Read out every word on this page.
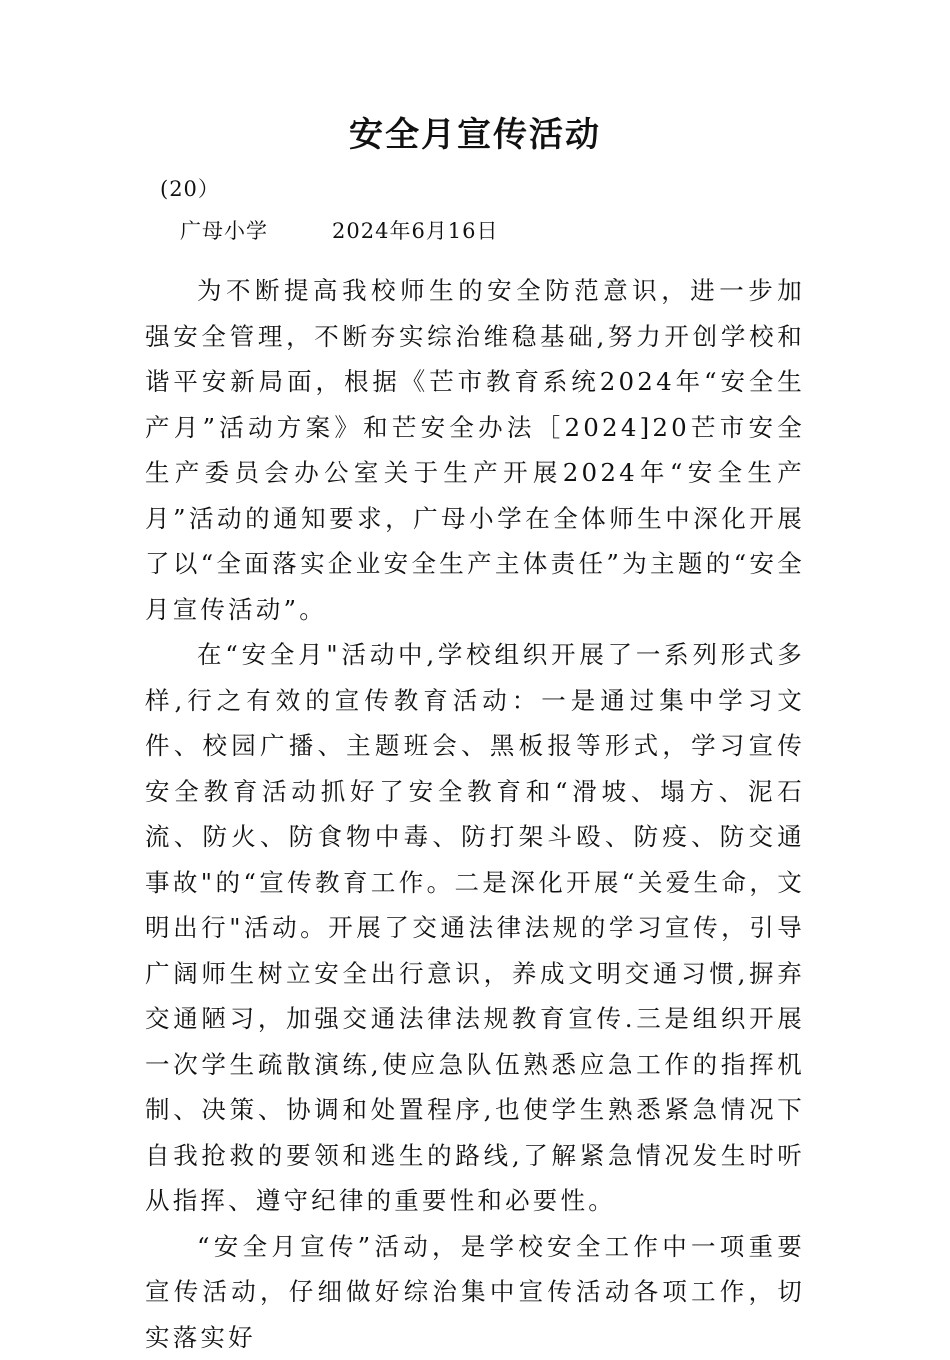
安全月宣传活动
(20）
广母小学	2024年6月16日

为不断提高我校师生的安全防范意识，进一步加强安全管理，不断夯实综治维稳基础,努力开创学校和谐平安新局面，根据《芒市教育系统2024年“安全生产月”活动方案》和芒安全办法［2024]20芒市安全生产委员会办公室关于生产开展2024年“安全生产月”活动的通知要求，广母小学在全体师生中深化开展了以“全面落实企业安全生产主体责任”为主题的“安全月宣传活动”。

在“安全月"活动中,学校组织开展了一系列形式多样,行之有效的宣传教育活动：一是通过集中学习文件、校园广播、主题班会、黑板报等形式，学习宣传安全教育活动抓好了安全教育和“滑坡、塌方、泥石流、防火、防食物中毒、防打架斗殴、防疫、防交通事故"的“宣传教育工作。二是深化开展“关爱生命，文明出行"活动。开展了交通法律法规的学习宣传，引导广阔师生树立安全出行意识，养成文明交通习惯,摒弃交通陋习，加强交通法律法规教育宣传.三是组织开展一次学生疏散演练,使应急队伍熟悉应急工作的指挥机制、决策、协调和处置程序,也使学生熟悉紧急情况下自我抢救的要领和逃生的路线,了解紧急情况发生时听从指挥、遵守纪律的重要性和必要性。

“安全月宣传”活动，是学校安全工作中一项重要宣传活动，仔细做好综治集中宣传活动各项工作，切实落实好
